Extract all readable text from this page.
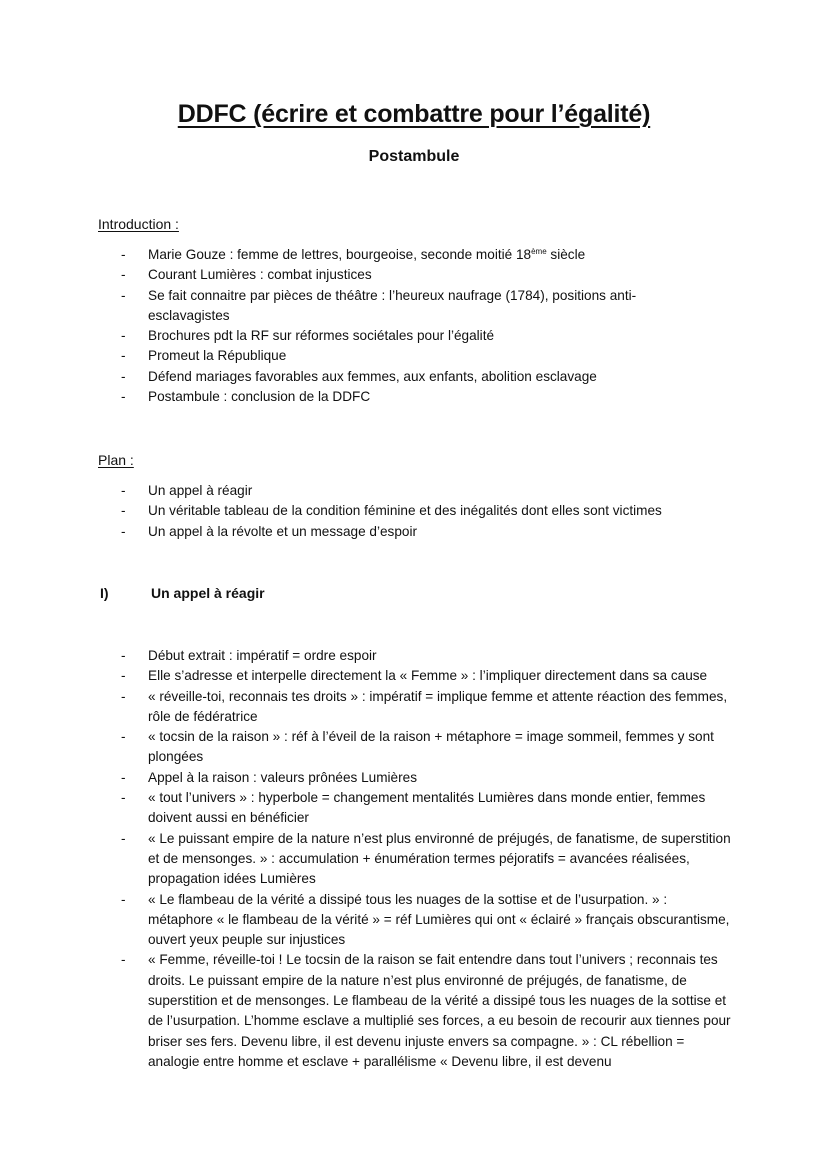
DDFC (écrire et combattre pour l’égalité)
Postambule
Introduction :
- Marie Gouze : femme de lettres, bourgeoise, seconde moitié 18ème siècle
- Courant Lumières : combat injustices
- Se fait connaitre par pièces de théâtre : l’heureux naufrage (1784), positions anti-esclavagistes
- Brochures pdt la RF sur réformes sociétales pour l’égalité
- Promeut la République
- Défend mariages favorables aux femmes, aux enfants, abolition esclavage
- Postambule : conclusion de la DDFC
Plan :
- Un appel à réagir
- Un véritable tableau de la condition féminine et des inégalités dont elles sont victimes
- Un appel à la révolte et un message d’espoir
I)	Un appel à réagir
- Début extrait : impératif = ordre espoir
- Elle s’adresse et interpelle directement la « Femme » : l’impliquer directement dans sa cause
- « réveille-toi, reconnais tes droits » : impératif = implique femme et attente réaction des femmes, rôle de fédératrice
- « tocsin de la raison » : réf à l’éveil de la raison + métaphore = image sommeil, femmes y sont plongées
- Appel à la raison : valeurs prônées Lumières
- « tout l’univers » : hyperbole = changement mentalités Lumières dans monde entier, femmes doivent aussi en bénéficier
- « Le puissant empire de la nature n’est plus environné de préjugés, de fanatisme, de superstition et de mensonges. » : accumulation + énumération termes péjoratifs = avancées réalisées, propagation idées Lumières
- « Le flambeau de la vérité a dissipé tous les nuages de la sottise et de l’usurpation. » : métaphore « le flambeau de la vérité » = réf Lumières qui ont « éclairé » français obscurantisme, ouvert yeux peuple sur injustices
- « Femme, réveille-toi ! Le tocsin de la raison se fait entendre dans tout l’univers ; reconnais tes droits. Le puissant empire de la nature n’est plus environné de préjugés, de fanatisme, de superstition et de mensonges. Le flambeau de la vérité a dissipé tous les nuages de la sottise et de l’usurpation. L’homme esclave a multiplié ses forces, a eu besoin de recourir aux tiennes pour briser ses fers. Devenu libre, il est devenu injuste envers sa compagne. » : CL rébellion = analogie entre homme et esclave + parallélisme « Devenu libre, il est devenu
